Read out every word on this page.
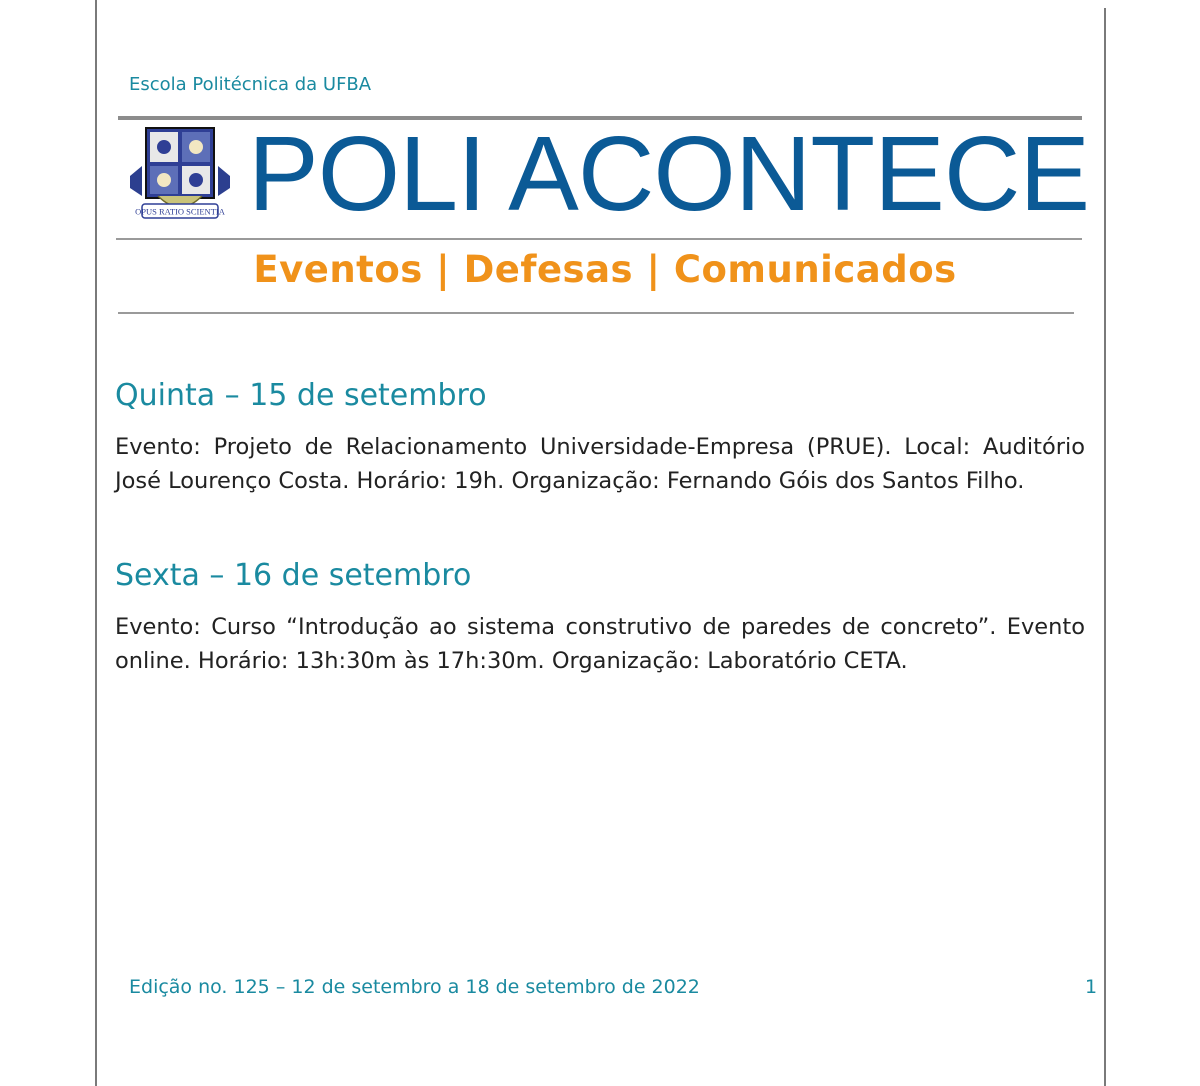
Escola Politécnica da UFBA
OPUS RATIO SCIENTIA POLI ACONTECE
Eventos | Defesas | Comunicados
Quinta – 15 de setembro
Evento: Projeto de Relacionamento Universidade-Empresa (PRUE). Local: Auditório José Lourenço Costa. Horário: 19h. Organização: Fernando Góis dos Santos Filho.
Sexta – 16 de setembro
Evento: Curso “Introdução ao sistema construtivo de paredes de concreto”. Evento online. Horário: 13h:30m às 17h:30m. Organização: Laboratório CETA.
Edição no. 125 – 12 de setembro a 18 de setembro de 2022	1
